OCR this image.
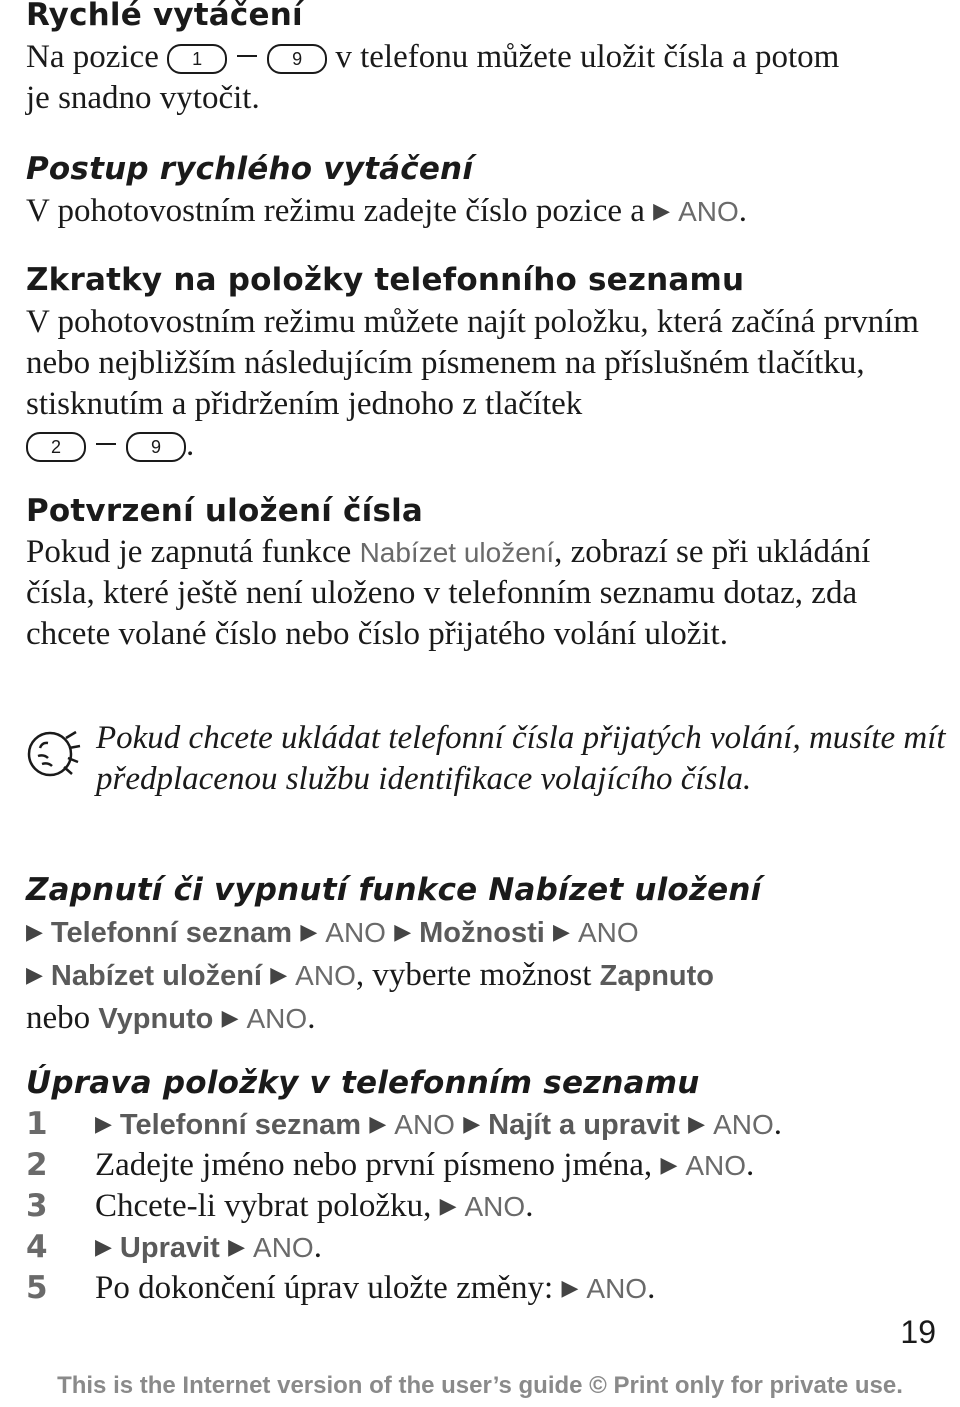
Rychlé vytáčení

Na pozice 1	9 v telefonu můžete uložit čísla a potom
je snadno vytočit.

Postup rychlého vytáčení

V pohotovostním režimu zadejte číslo pozice a ▶ ANO.

Zkratky na položky telefonního seznamu

V pohotovostním režimu můžete najít položku, která začíná prvním nebo nejbližším následujícím písmenem na příslušném tlačítku, stisknutím a přidržením jednoho z tlačítek
2	9 .

Potvrzení uložení čísla

Pokud je zapnutá funkce Nabízet uložení, zobrazí se při ukládání čísla, které ještě není uloženo v telefonním seznamu dotaz, zda chcete volané číslo nebo číslo přijatého volání uložit.

Pokud chcete ukládat telefonní čísla přijatých volání, musíte mít předplacenou službu identifikace volajícího čísla.

Zapnutí či vypnutí funkce Nabízet uložení

▶ Telefonní seznam ▶ ANO ▶ Možnosti ▶ ANO
▶ Nabízet uložení ▶ ANO, vyberte možnost Zapnuto
nebo Vypnuto ▶ ANO.

Úprava položky v telefonním seznamu
1 ▶ Telefonní seznam ▶ ANO ▶ Najít a upravit ▶ ANO.
2 Zadejte jméno nebo první písmeno jména, ▶ ANO.
3 Chcete-li vybrat položku, ▶ ANO.
4 ▶ Upravit ▶ ANO.
5 Po dokončení úprav uložte změny: ▶ ANO.
19
This is the Internet version of the user’s guide © Print only for private use.
